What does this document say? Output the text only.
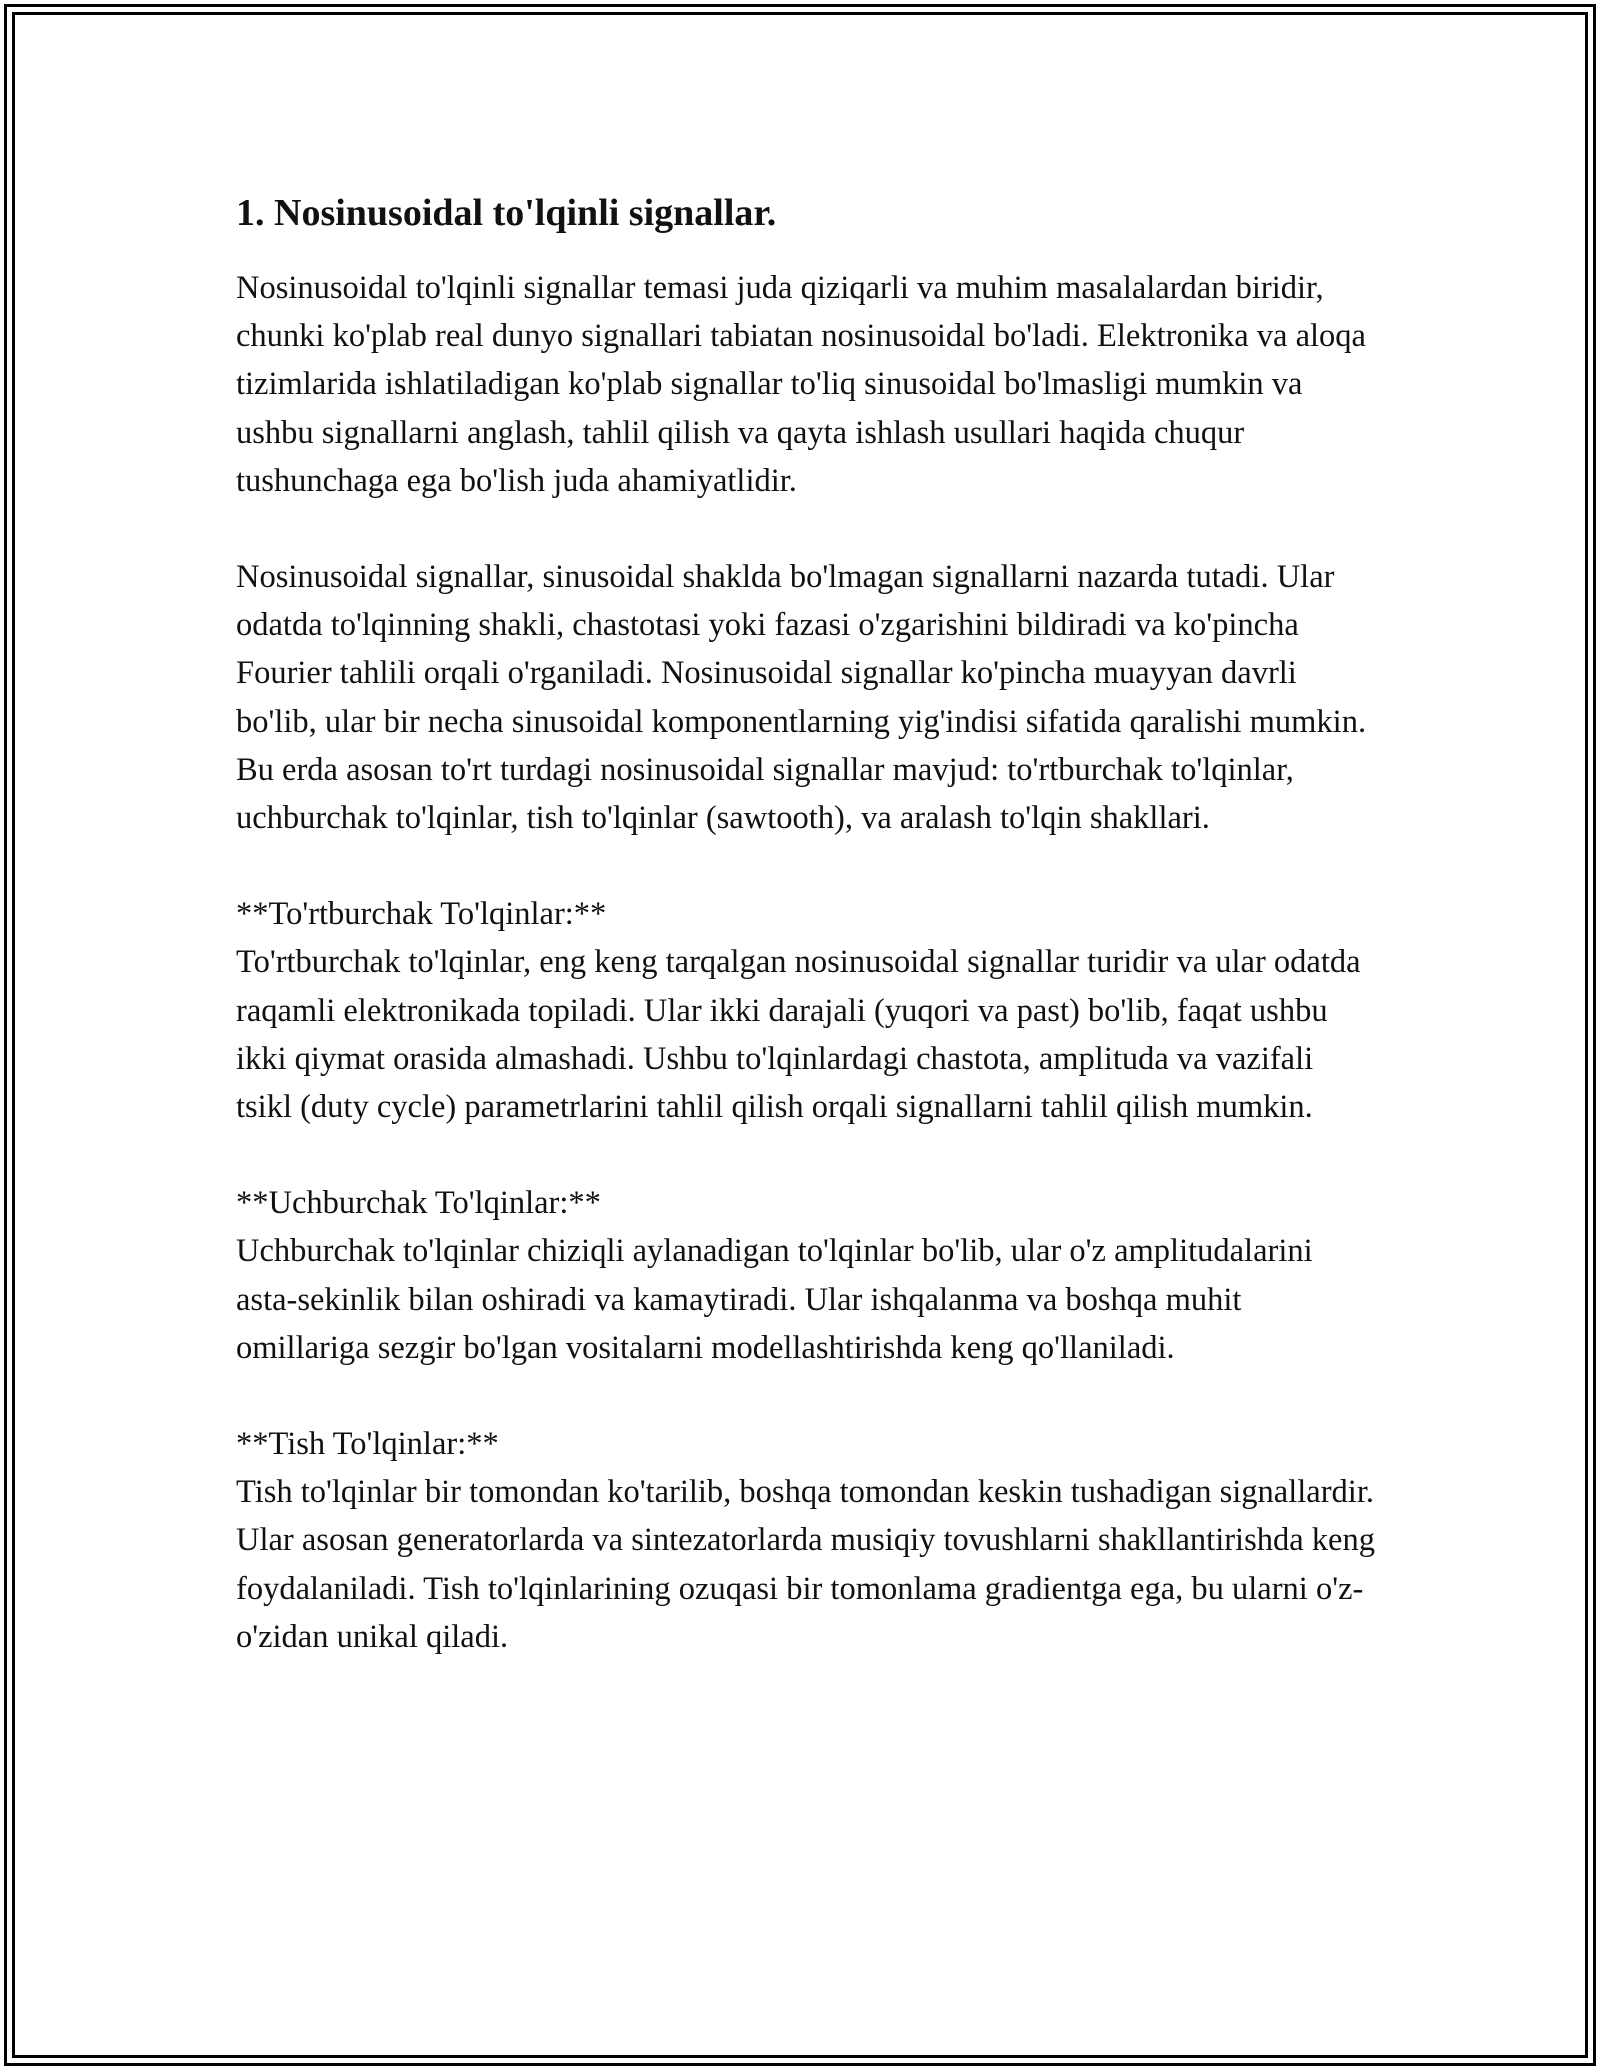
1. Nosinusoidal to'lqinli signallar.

Nosinusoidal to'lqinli signallar temasi juda qiziqarli va muhim masalalardan biridir, chunki ko'plab real dunyo signallari tabiatan nosinusoidal bo'ladi. Elektronika va aloqa tizimlarida ishlatiladigan ko'plab signallar to'liq sinusoidal bo'lmasligi mumkin va ushbu signallarni anglash, tahlil qilish va qayta ishlash usullari haqida chuqur tushunchaga ega bo'lish juda ahamiyatlidir.

Nosinusoidal signallar, sinusoidal shaklda bo'lmagan signallarni nazarda tutadi. Ular odatda to'lqinning shakli, chastotasi yoki fazasi o'zgarishini bildiradi va ko'pincha Fourier tahlili orqali o'rganiladi. Nosinusoidal signallar ko'pincha muayyan davrli bo'lib, ular bir necha sinusoidal komponentlarning yig'indisi sifatida qaralishi mumkin. Bu erda asosan to'rt turdagi nosinusoidal signallar mavjud: to'rtburchak to'lqinlar, uchburchak to'lqinlar, tish to'lqinlar (sawtooth), va aralash to'lqin shakllari.

**To'rtburchak To'lqinlar:**
To'rtburchak to'lqinlar, eng keng tarqalgan nosinusoidal signallar turidir va ular odatda raqamli elektronikada topiladi. Ular ikki darajali (yuqori va past) bo'lib, faqat ushbu ikki qiymat orasida almashadi. Ushbu to'lqinlardagi chastota, amplituda va vazifali tsikl (duty cycle) parametrlarini tahlil qilish orqali signallarni tahlil qilish mumkin.
**Uchburchak To'lqinlar:**
Uchburchak to'lqinlar chiziqli aylanadigan to'lqinlar bo'lib, ular o'z amplitudalarini asta-sekinlik bilan oshiradi va kamaytiradi. Ular ishqalanma va boshqa muhit omillariga sezgir bo'lgan vositalarni modellashtirishda keng qo'llaniladi.
**Tish To'lqinlar:**
Tish to'lqinlar bir tomondan ko'tarilib, boshqa tomondan keskin tushadigan signallardir. Ular asosan generatorlarda va sintezatorlarda musiqiy tovushlarni shakllantirishda keng foydalaniladi. Tish to'lqinlarining ozuqasi bir tomonlama gradientga ega, bu ularni o'z-o'zidan unikal qiladi.
